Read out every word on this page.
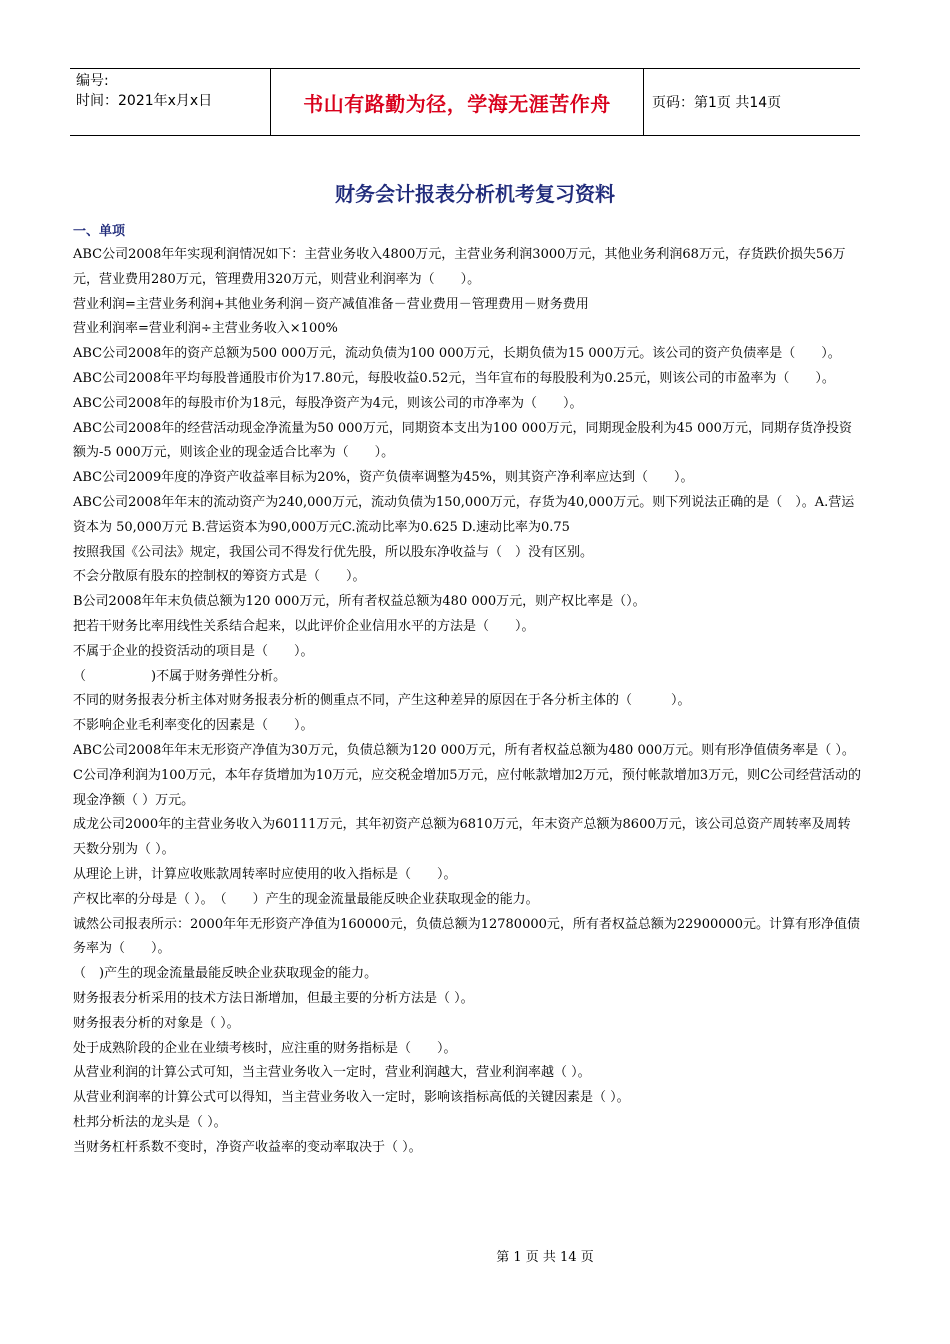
编号:
时间：2021年x月x日	书山有路勤为径，学海无涯苦作舟	页码：第1页 共14页
财务会计报表分析机考复习资料
一、单项

ABC公司2008年年实现利润情况如下：主营业务收入4800万元，主营业务利润3000万元，其他业务利润68万元，存货跌价损失56万元，营业费用280万元，管理费用320万元，则营业利润率为（　　）。

营业利润=主营业务利润+其他业务利润－资产减值准备－营业费用－管理费用－财务费用

营业利润率=营业利润÷主营业务收入×100%

ABC公司2008年的资产总额为500 000万元，流动负债为100 000万元，长期负债为15 000万元。该公司的资产负债率是（　　）。

ABC公司2008年平均每股普通股市价为17.80元，每股收益0.52元，当年宣布的每股股利为0.25元，则该公司的市盈率为（　　）。

ABC公司2008年的每股市价为18元，每股净资产为4元，则该公司的市净率为（　　）。

ABC公司2008年的经营活动现金净流量为50 000万元，同期资本支出为100 000万元，同期现金股利为45 000万元，同期存货净投资额为-5 000万元，则该企业的现金适合比率为（　　）。

ABC公司2009年度的净资产收益率目标为20%，资产负债率调整为45%，则其资产净利率应达到（　　）。

ABC公司2008年年末的流动资产为240,000万元，流动负债为150,000万元，存货为40,000万元。则下列说法正确的是（　）。A.营运资本为 50,000万元 B.营运资本为90,000万元C.流动比率为0.625 D.速动比率为0.75

按照我国《公司法》规定，我国公司不得发行优先股，所以股东净收益与（　）没有区别。

不会分散原有股东的控制权的筹资方式是（　　）。

B公司2008年年末负债总额为120 000万元，所有者权益总额为480 000万元，则产权比率是（）。

把若干财务比率用线性关系结合起来，以此评价企业信用水平的方法是（　　）。

不属于企业的投资活动的项目是（　　）。

（　　　　　)不属于财务弹性分析。

不同的财务报表分析主体对财务报表分析的侧重点不同，产生这种差异的原因在于各分析主体的（　　　）。

不影响企业毛利率变化的因素是（　　）。

ABC公司2008年年末无形资产净值为30万元，负债总额为120 000万元，所有者权益总额为480 000万元。则有形净值债务率是（ ）。

C公司净利润为100万元，本年存货增加为10万元，应交税金增加5万元，应付帐款增加2万元，预付帐款增加3万元，则C公司经营活动的现金净额（ ）万元。

成龙公司2000年的主营业务收入为60111万元，其年初资产总额为6810万元，年末资产总额为8600万元，该公司总资产周转率及周转天数分别为（ ）。

从理论上讲，计算应收账款周转率时应使用的收入指标是（　　）。

产权比率的分母是（ ）。　（　　）产生的现金流量最能反映企业获取现金的能力。

诚然公司报表所示：2000年年无形资产净值为160000元，负债总额为12780000元，所有者权益总额为22900000元。计算有形净值债务率为（　　）。

（　)产生的现金流量最能反映企业获取现金的能力。

财务报表分析采用的技术方法日渐增加，但最主要的分析方法是（ ）。

财务报表分析的对象是（ ）。

处于成熟阶段的企业在业绩考核时，应注重的财务指标是（　　）。

从营业利润的计算公式可知，当主营业务收入一定时，营业利润越大，营业利润率越（ ）。

从营业利润率的计算公式可以得知，当主营业务收入一定时，影响该指标高低的关键因素是（ ）。

杜邦分析法的龙头是（ ）。

当财务杠杆系数不变时，净资产收益率的变动率取决于（ ）。

第 1 页 共 14 页
